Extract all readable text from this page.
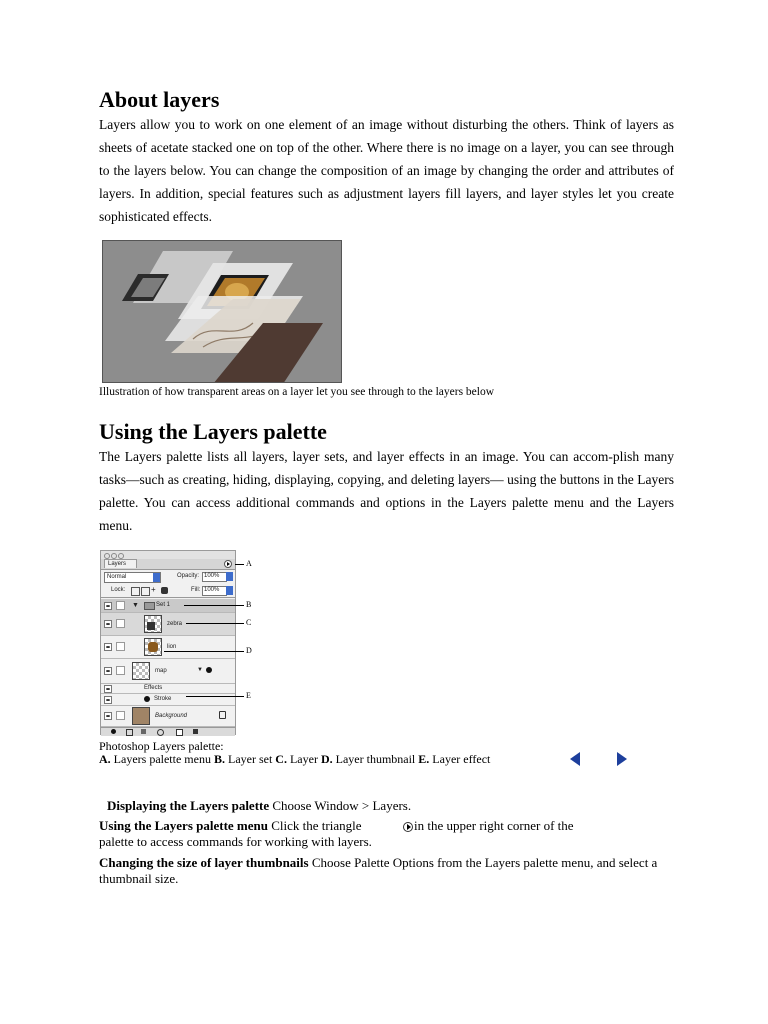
About layers

Layers allow you to work on one element of an image without disturbing the others. Think of layers as sheets of acetate stacked one on top of the other. Where there is no image on a layer, you can see through to the layers below. You can change the composition of an image by changing the order and attributes of layers. In addition, special features such as adjustment layers fill layers, and layer styles let you create sophisticated effects.

Illustration of how transparent areas on a layer let you see through to the layers below
Using the Layers palette

The Layers palette lists all layers, layer sets, and layer effects in an image. You can accom-plish many tasks—such as creating, hiding, displaying, copying, and deleting layers— using the buttons in the Layers palette. You can access additional commands and options in the Layers palette menu and the Layers menu.

Layers
Normal	Opacity: 100%
Lock:	+	Fill: 100%
▼	Set 1
zebra
lion
map	▼
Effects
Stroke
Background
A
B
C
D
E
Photoshop Layers palette:
A. Layers palette menu B. Layer set C. Layer D. Layer thumbnail E. Layer effect
Displaying the Layers palette Choose Window > Layers.
Using the Layers palette menu Click the triangle	in the upper right corner of the
palette to access commands for working with layers.
Changing the size of layer thumbnails Choose Palette Options from the Layers palette menu, and select a thumbnail size.
